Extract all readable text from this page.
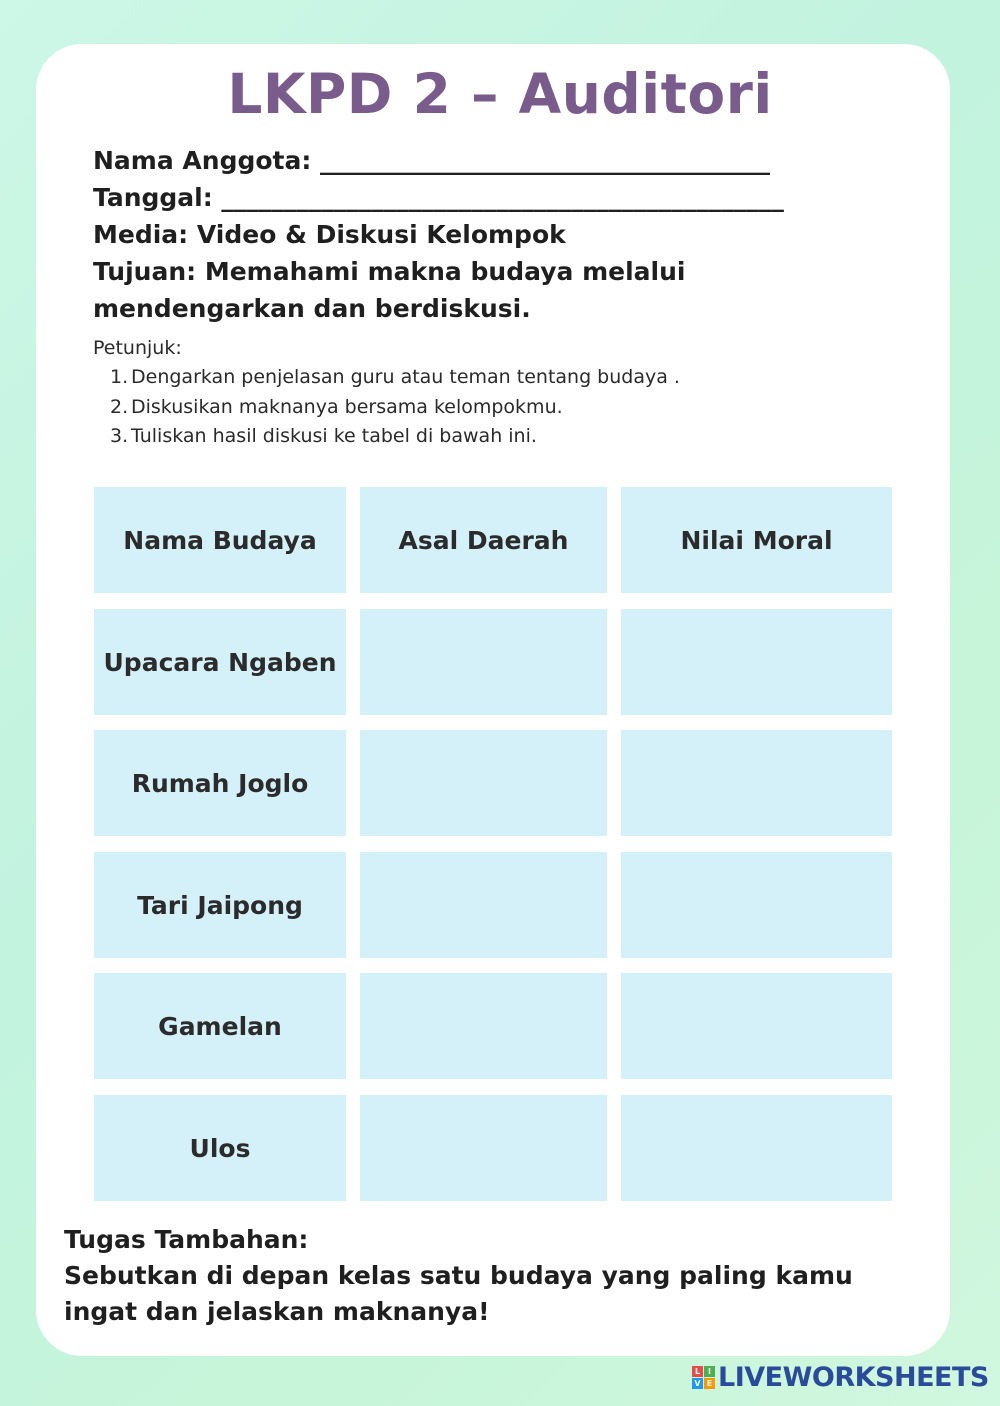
LKPD 2 – Auditori
Nama Anggota: ____________________________________
Tanggal: _____________________________________________
Media: Video & Diskusi Kelompok
Tujuan: Memahami makna budaya melalui mendengarkan dan berdiskusi.
Petunjuk:
1. Dengarkan penjelasan guru atau teman tentang budaya .
2. Diskusikan maknanya bersama kelompokmu.
3. Tuliskan hasil diskusi ke tabel di bawah ini.
Nama Budaya	Asal Daerah	Nilai Moral
Upacara Ngaben
Rumah Joglo
Tari Jaipong
Gamelan
Ulos
Tugas Tambahan:
Sebutkan di depan kelas satu budaya yang paling kamu ingat dan jelaskan maknanya!
L I
V E LIVEWORKSHEETS
